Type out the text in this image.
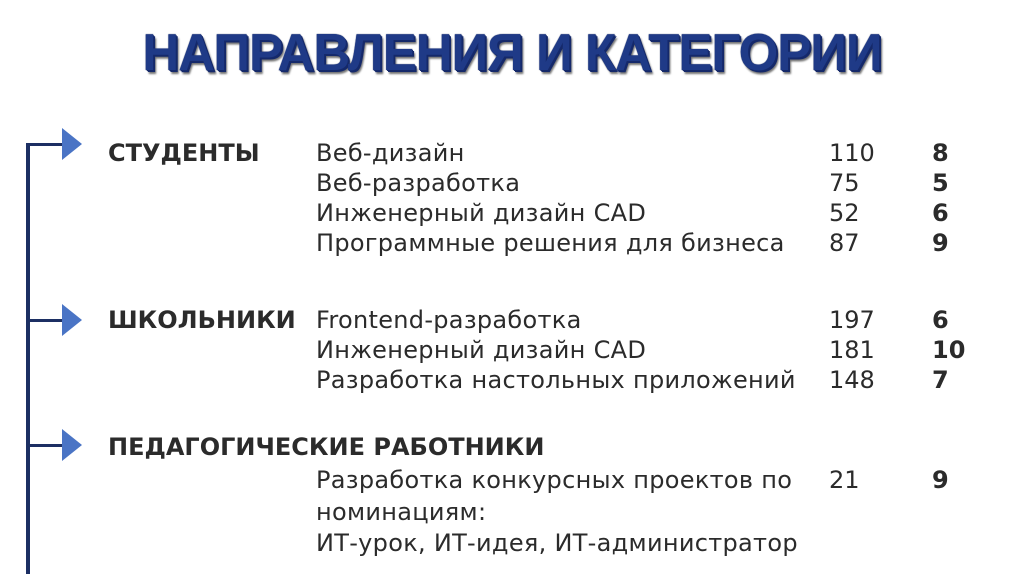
НАПРАВЛЕНИЯ И КАТЕГОРИИ
СТУДЕНТЫ Веб-дизайн	110 8
Веб-разработка	75	5
Инженерный дизайн CAD	52	6
Программные решения для бизнеса 87	9
ШКОЛЬНИКИ Frontend-разработка	197 6
Инженерный дизайн CAD	181 10
Разработка настольных приложений 148 7
ПЕДАГОГИЧЕСКИЕ РАБОТНИКИ
Разработка конкурсных проектов по 21	9
номинациям:
ИТ-урок, ИТ-идея, ИТ-администратор
